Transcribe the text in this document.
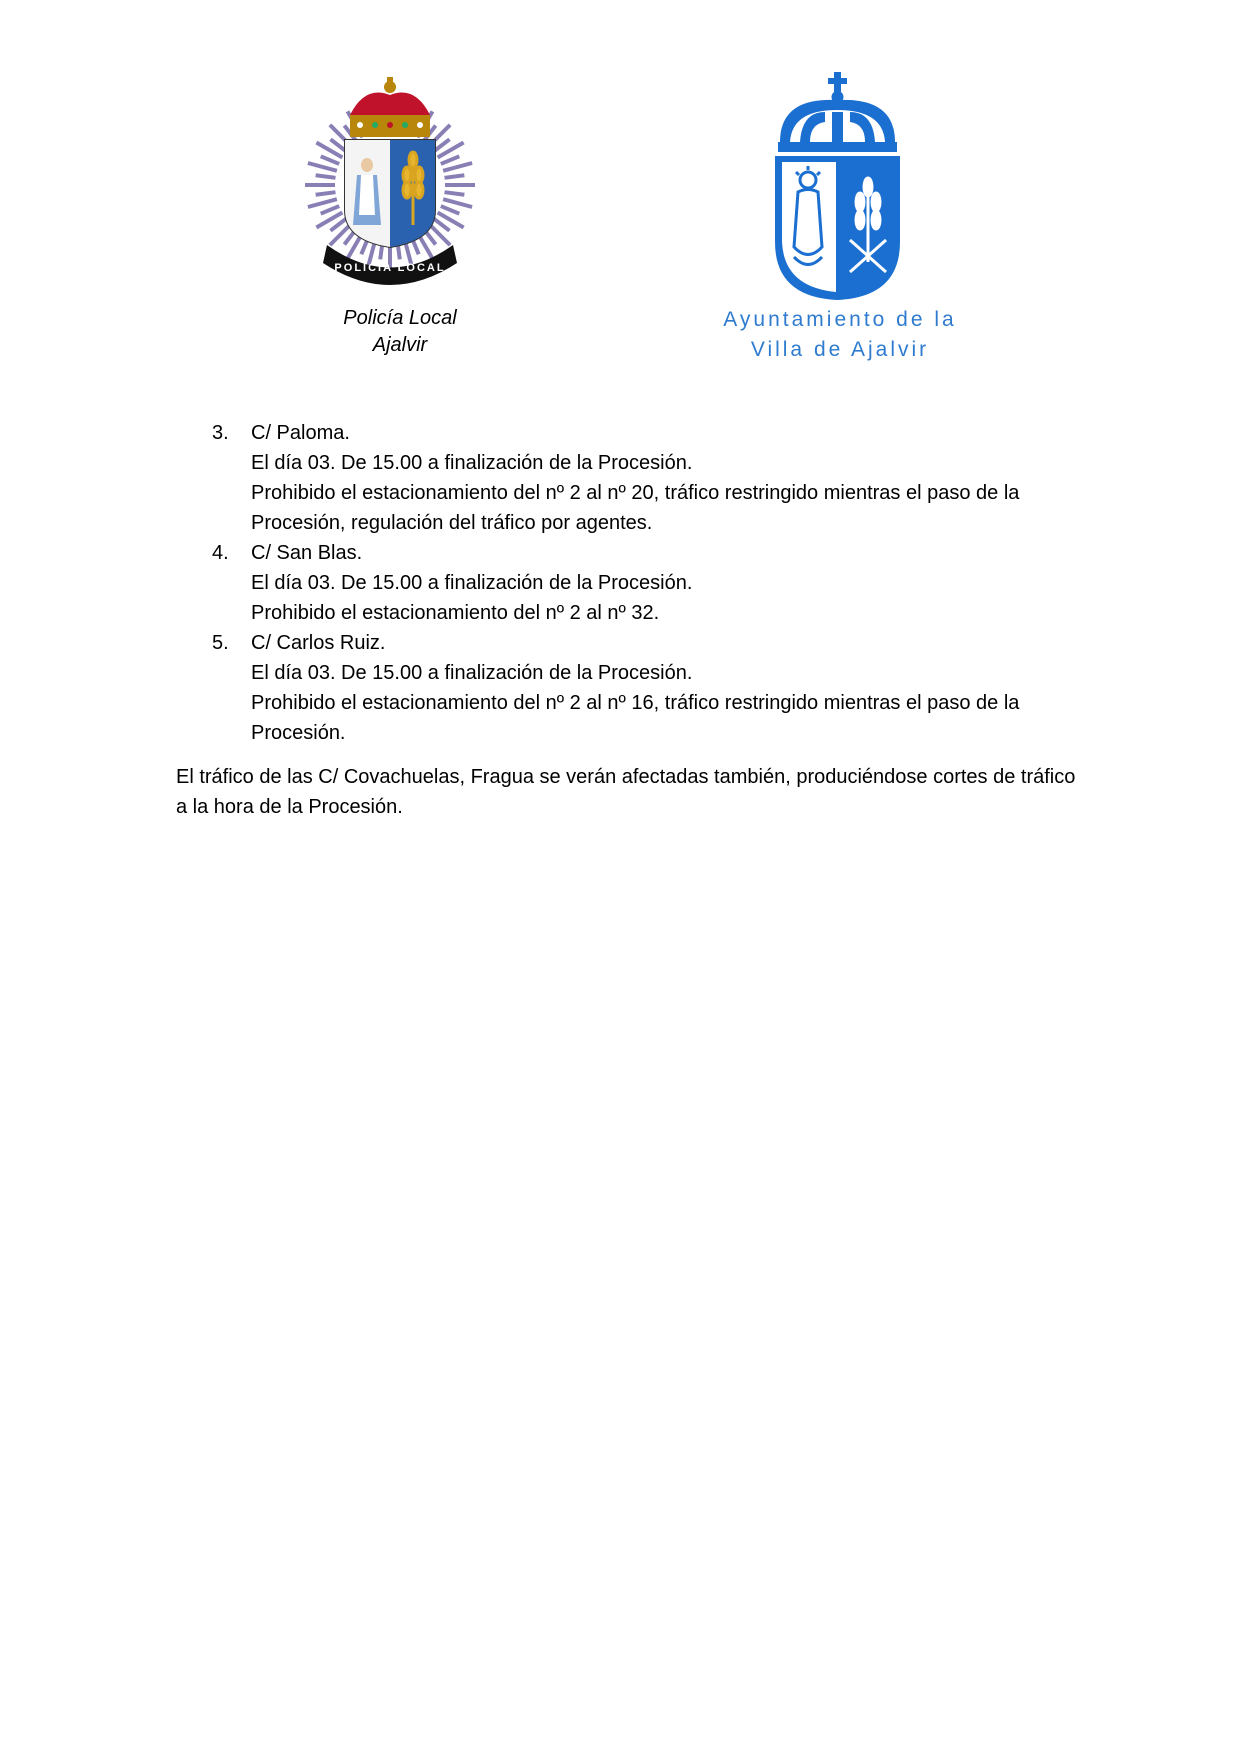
POLICÍA LOCAL
Policía Local
Ajalvir
Ayuntamiento de la
Villa de Ajalvir
3. C/ Paloma.
El día 03. De 15.00 a finalización de la Procesión.
Prohibido el estacionamiento del nº 2 al nº 20, tráfico restringido mientras el paso de la Procesión, regulación del tráfico por agentes.
4. C/ San Blas.
El día 03. De 15.00 a finalización de la Procesión.
Prohibido el estacionamiento del nº 2 al nº 32.
5. C/ Carlos Ruiz.
El día 03. De 15.00 a finalización de la Procesión.
Prohibido el estacionamiento del nº 2 al nº 16, tráfico restringido mientras el paso de la Procesión.
El tráfico de las C/ Covachuelas, Fragua se verán afectadas también, produciéndose cortes de tráfico a la hora de la Procesión.
